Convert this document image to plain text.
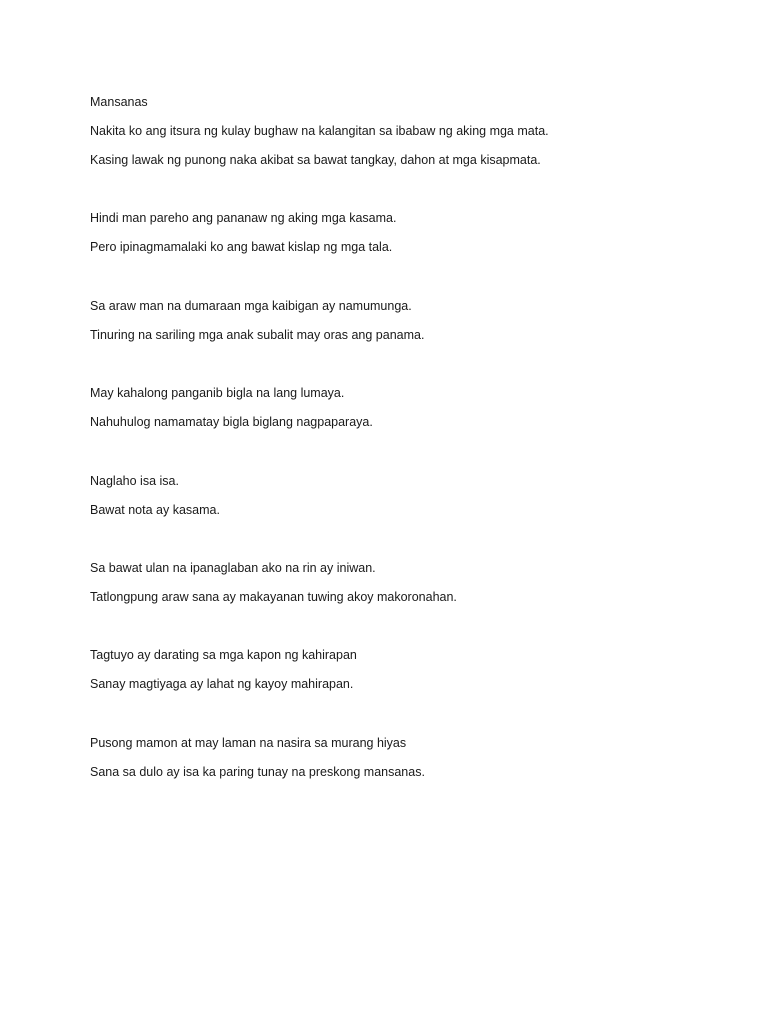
Mansanas

Nakita ko ang itsura ng kulay bughaw na kalangitan sa ibabaw ng aking mga mata.

Kasing lawak ng punong naka akibat sa bawat tangkay, dahon at mga kisapmata.

Hindi man pareho ang pananaw ng aking mga kasama.

Pero ipinagmamalaki ko ang bawat kislap ng mga tala.

Sa araw man na dumaraan mga kaibigan ay namumunga.

Tinuring na sariling mga anak subalit may oras ang panama.

May kahalong panganib bigla na lang lumaya.

Nahuhulog namamatay bigla biglang nagpaparaya.

Naglaho isa isa.

Bawat nota ay kasama.

Sa bawat ulan na ipanaglaban ako na rin ay iniwan.

Tatlongpung araw sana ay makayanan tuwing akoy makoronahan.

Tagtuyo ay darating sa mga kapon ng kahirapan

Sanay magtiyaga ay lahat ng kayoy mahirapan.

Pusong mamon at may laman na nasira sa murang hiyas

Sana sa dulo ay isa ka paring tunay na preskong mansanas.
